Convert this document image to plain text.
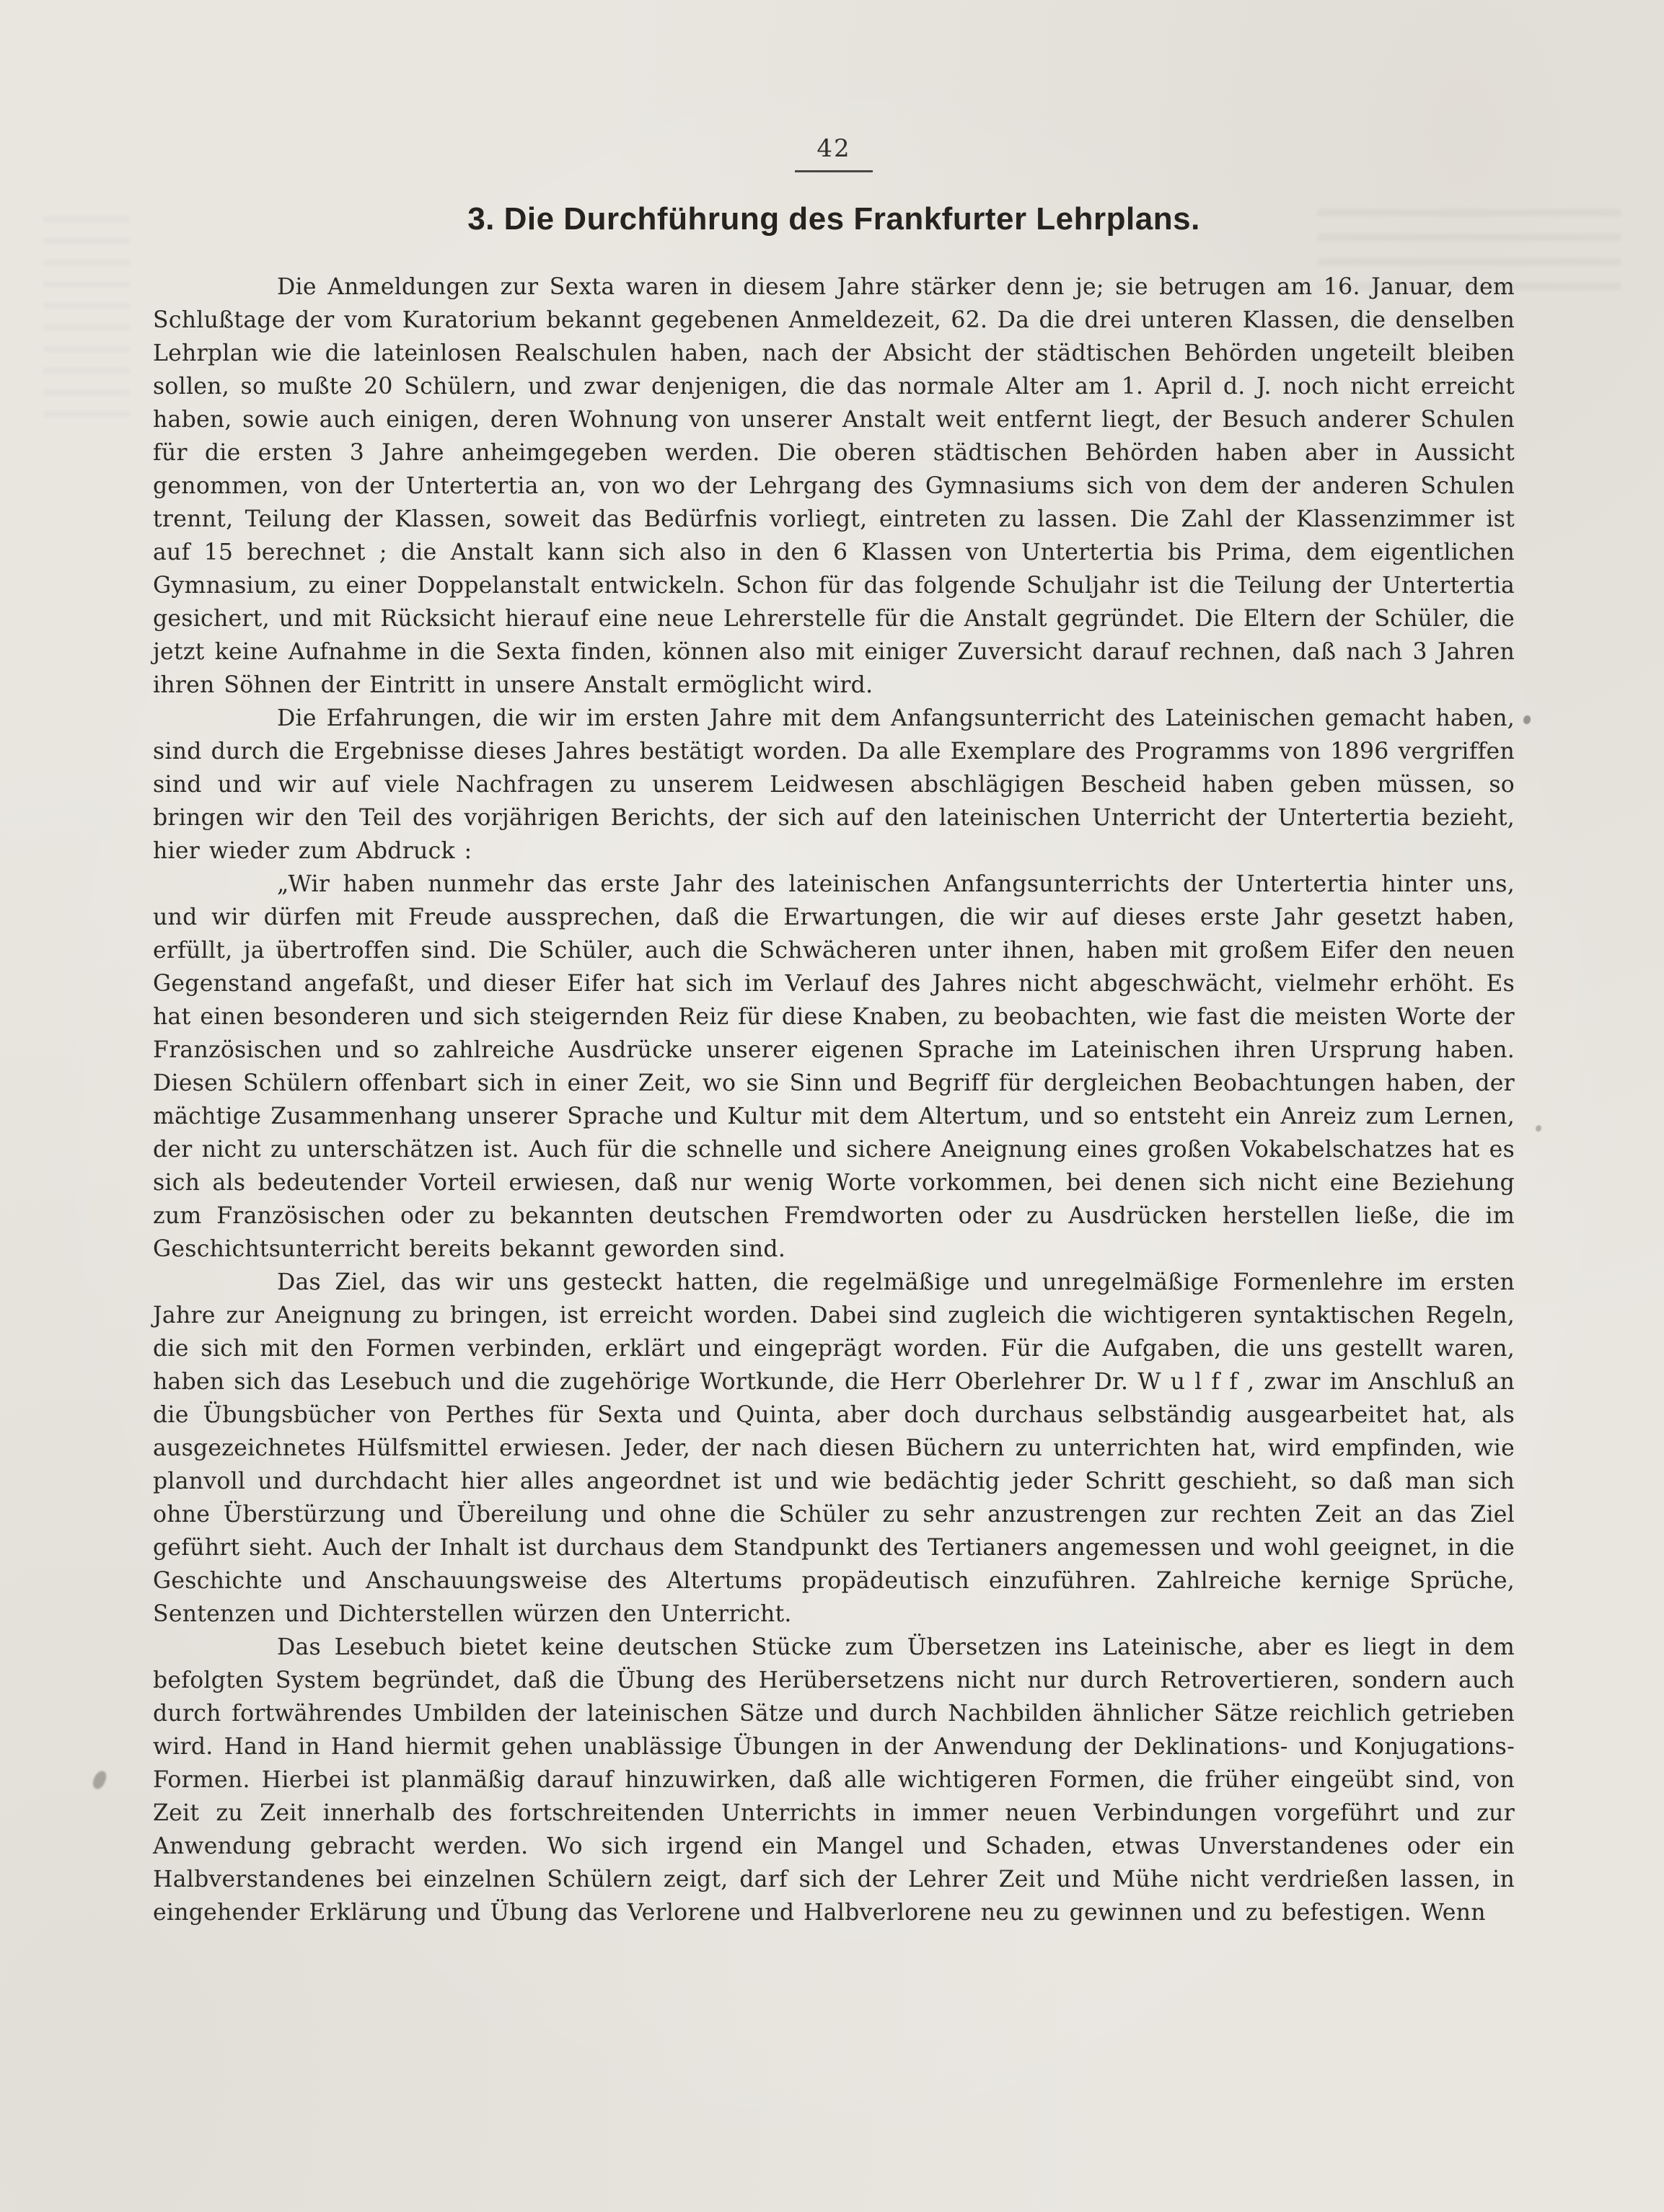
42
3. Die Durchführung des Frankfurter Lehrplans.

Die Anmeldungen zur Sexta waren in diesem Jahre stärker denn je; sie betrugen am 16. Januar, dem Schlußtage der vom Kuratorium bekannt gegebenen Anmeldezeit, 62. Da die drei unteren Klassen, die denselben Lehrplan wie die lateinlosen Realschulen haben, nach der Absicht der städtischen Behörden ungeteilt bleiben sollen, so mußte 20 Schülern, und zwar denjenigen, die das normale Alter am 1. April d. J. noch nicht erreicht haben, sowie auch einigen, deren Wohnung von unserer Anstalt weit entfernt liegt, der Besuch anderer Schulen für die ersten 3 Jahre anheimgegeben werden. Die oberen städtischen Behörden haben aber in Aussicht genommen, von der Untertertia an, von wo der Lehrgang des Gymnasiums sich von dem der anderen Schulen trennt, Teilung der Klassen, soweit das Bedürfnis vorliegt, eintreten zu lassen. Die Zahl der Klassenzimmer ist auf 15 berechnet ; die Anstalt kann sich also in den 6 Klassen von Untertertia bis Prima, dem eigentlichen Gymnasium, zu einer Doppelanstalt entwickeln. Schon für das folgende Schuljahr ist die Teilung der Untertertia gesichert, und mit Rücksicht hierauf eine neue Lehrerstelle für die Anstalt gegründet. Die Eltern der Schüler, die jetzt keine Aufnahme in die Sexta finden, können also mit einiger Zuversicht darauf rechnen, daß nach 3 Jahren ihren Söhnen der Eintritt in unsere Anstalt ermöglicht wird.

Die Erfahrungen, die wir im ersten Jahre mit dem Anfangsunterricht des Lateinischen gemacht haben, sind durch die Ergebnisse dieses Jahres bestätigt worden. Da alle Exemplare des Programms von 1896 vergriffen sind und wir auf viele Nachfragen zu unserem Leidwesen abschlägigen Bescheid haben geben müssen, so bringen wir den Teil des vorjährigen Berichts, der sich auf den lateinischen Unterricht der Untertertia bezieht, hier wieder zum Abdruck :

„Wir haben nunmehr das erste Jahr des lateinischen Anfangsunterrichts der Untertertia hinter uns, und wir dürfen mit Freude aussprechen, daß die Erwartungen, die wir auf dieses erste Jahr gesetzt haben, erfüllt, ja übertroffen sind. Die Schüler, auch die Schwächeren unter ihnen, haben mit großem Eifer den neuen Gegenstand angefaßt, und dieser Eifer hat sich im Verlauf des Jahres nicht abgeschwächt, vielmehr erhöht. Es hat einen besonderen und sich steigernden Reiz für diese Knaben, zu beobachten, wie fast die meisten Worte der Französischen und so zahlreiche Ausdrücke unserer eigenen Sprache im Lateinischen ihren Ursprung haben. Diesen Schülern offenbart sich in einer Zeit, wo sie Sinn und Begriff für dergleichen Beobachtungen haben, der mächtige Zusammenhang unserer Sprache und Kultur mit dem Altertum, und so entsteht ein Anreiz zum Lernen, der nicht zu unterschätzen ist. Auch für die schnelle und sichere Aneignung eines großen Vokabelschatzes hat es sich als bedeutender Vorteil erwiesen, daß nur wenig Worte vorkommen, bei denen sich nicht eine Beziehung zum Französischen oder zu bekannten deutschen Fremdworten oder zu Ausdrücken herstellen ließe, die im Geschichtsunterricht bereits bekannt geworden sind.

Das Ziel, das wir uns gesteckt hatten, die regelmäßige und unregelmäßige Formenlehre im ersten Jahre zur Aneignung zu bringen, ist erreicht worden. Dabei sind zugleich die wichtigeren syntaktischen Regeln, die sich mit den Formen verbinden, erklärt und eingeprägt worden. Für die Aufgaben, die uns gestellt waren, haben sich das Lesebuch und die zugehörige Wortkunde, die Herr Oberlehrer Dr. W u l f f , zwar im Anschluß an die Übungsbücher von Perthes für Sexta und Quinta, aber doch durchaus selbständig ausgearbeitet hat, als ausgezeichnetes Hülfsmittel erwiesen. Jeder, der nach diesen Büchern zu unterrichten hat, wird empfinden, wie planvoll und durchdacht hier alles angeordnet ist und wie bedächtig jeder Schritt geschieht, so daß man sich ohne Überstürzung und Übereilung und ohne die Schüler zu sehr anzustrengen zur rechten Zeit an das Ziel geführt sieht. Auch der Inhalt ist durchaus dem Standpunkt des Tertianers angemessen und wohl geeignet, in die Geschichte und Anschauungsweise des Altertums propädeutisch einzuführen. Zahlreiche kernige Sprüche, Sentenzen und Dichterstellen würzen den Unterricht.

Das Lesebuch bietet keine deutschen Stücke zum Übersetzen ins Lateinische, aber es liegt in dem befolgten System begründet, daß die Übung des Herübersetzens nicht nur durch Retrovertieren, sondern auch durch fortwährendes Umbilden der lateinischen Sätze und durch Nachbilden ähnlicher Sätze reichlich getrieben wird. Hand in Hand hiermit gehen unablässige Übungen in der Anwendung der Deklinations- und Konjugations-Formen. Hierbei ist planmäßig darauf hinzuwirken, daß alle wichtigeren Formen, die früher eingeübt sind, von Zeit zu Zeit innerhalb des fortschreitenden Unterrichts in immer neuen Verbindungen vorgeführt und zur Anwendung gebracht werden. Wo sich irgend ein Mangel und Schaden, etwas Unverstandenes oder ein Halbverstandenes bei einzelnen Schülern zeigt, darf sich der Lehrer Zeit und Mühe nicht verdrießen lassen, in eingehender Erklärung und Übung das Verlorene und Halbverlorene neu zu gewinnen und zu befestigen. Wenn
